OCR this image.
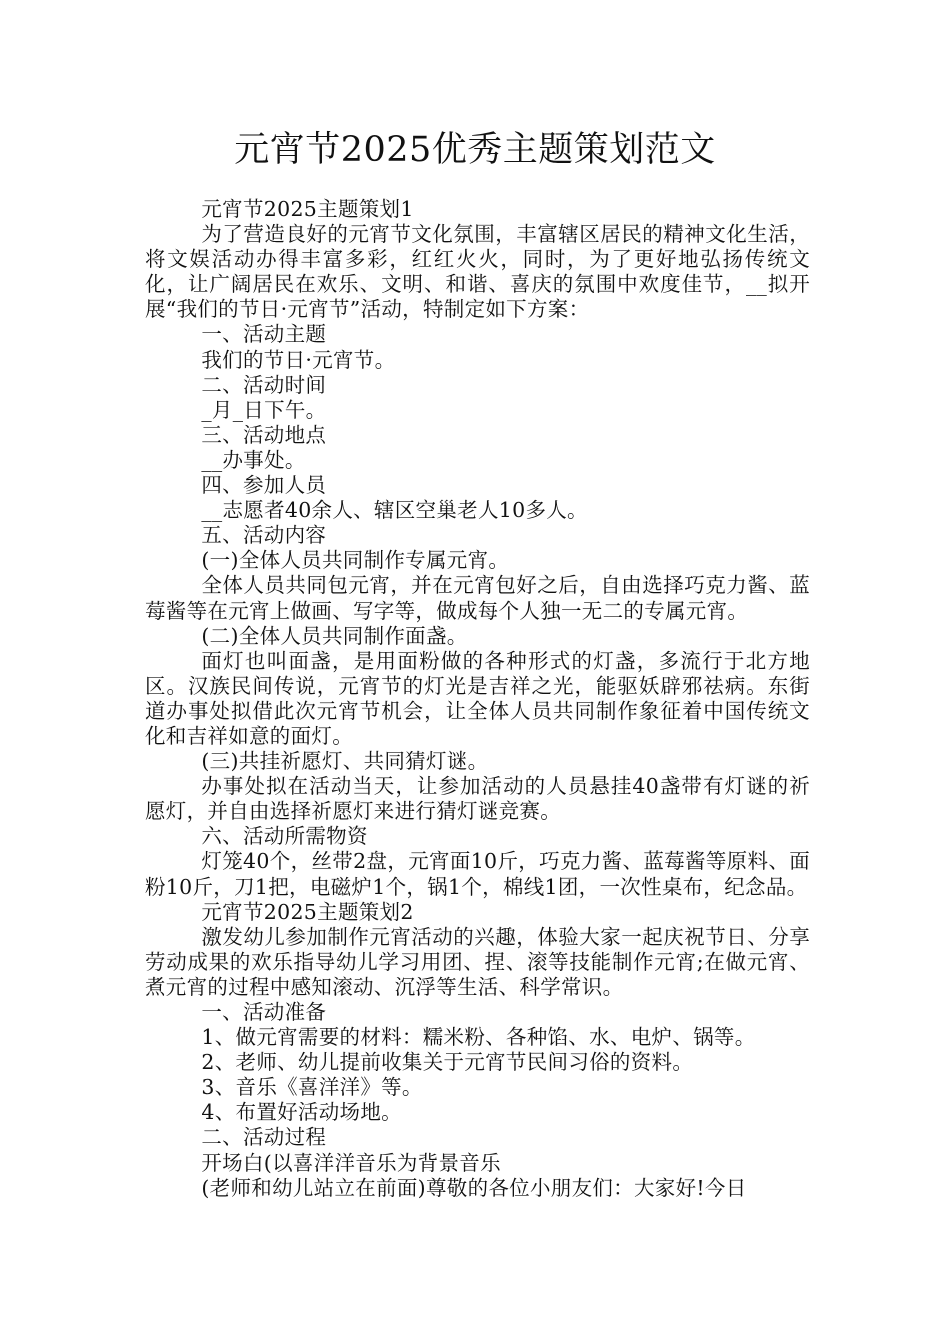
元宵节2025优秀主题策划范文

元宵节2025主题策划1

为了营造良好的元宵节文化氛围，丰富辖区居民的精神文化生活，将文娱活动办得丰富多彩，红红火火，同时，为了更好地弘扬传统文化，让广阔居民在欢乐、文明、和谐、喜庆的氛围中欢度佳节，__拟开展“我们的节日·元宵节”活动，特制定如下方案：

一、活动主题

我们的节日·元宵节。

二、活动时间

_月_日下午。

三、活动地点

__办事处。

四、参加人员

__志愿者40余人、辖区空巢老人10多人。

五、活动内容

(一)全体人员共同制作专属元宵。

全体人员共同包元宵，并在元宵包好之后，自由选择巧克力酱、蓝莓酱等在元宵上做画、写字等，做成每个人独一无二的专属元宵。

(二)全体人员共同制作面盏。

面灯也叫面盏，是用面粉做的各种形式的灯盏，多流行于北方地区。汉族民间传说，元宵节的灯光是吉祥之光，能驱妖辟邪祛病。东街道办事处拟借此次元宵节机会，让全体人员共同制作象征着中国传统文化和吉祥如意的面灯。

(三)共挂祈愿灯、共同猜灯谜。

办事处拟在活动当天，让参加活动的人员悬挂40盏带有灯谜的祈愿灯，并自由选择祈愿灯来进行猜灯谜竞赛。

六、活动所需物资

灯笼40个，丝带2盘，元宵面10斤，巧克力酱、蓝莓酱等原料、面粉10斤，刀1把，电磁炉1个，锅1个，棉线1团，一次性桌布，纪念品。

元宵节2025主题策划2

激发幼儿参加制作元宵活动的兴趣，体验大家一起庆祝节日、分享劳动成果的欢乐指导幼儿学习用团、捏、滚等技能制作元宵;在做元宵、煮元宵的过程中感知滚动、沉浮等生活、科学常识。

一、活动准备

1、做元宵需要的材料：糯米粉、各种馅、水、电炉、锅等。

2、老师、幼儿提前收集关于元宵节民间习俗的资料。

3、音乐《喜洋洋》等。

4、布置好活动场地。

二、活动过程

开场白(以喜洋洋音乐为背景音乐

(老师和幼儿站立在前面)尊敬的各位小朋友们：大家好!今日
